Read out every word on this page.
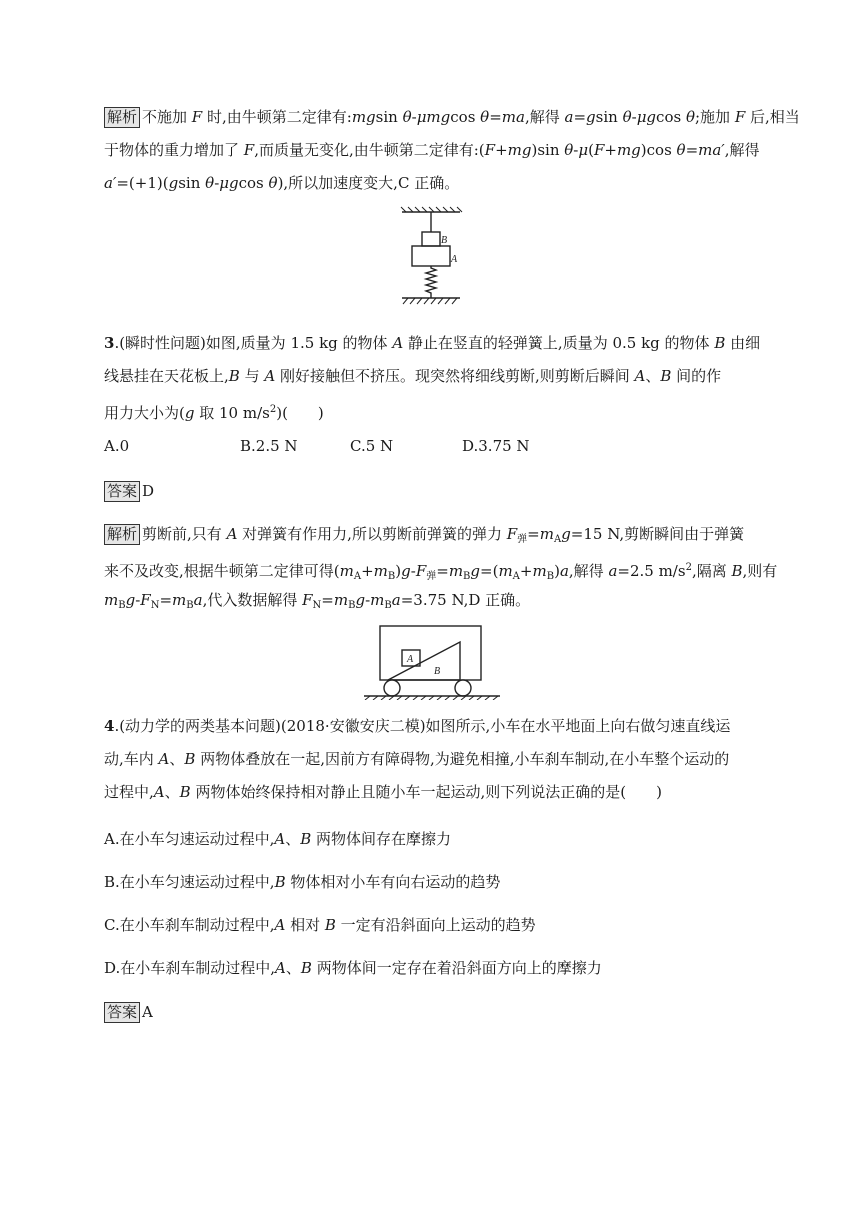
解析 不施加 F 时,由牛顿第二定律有:mgsin θ-μmgcos θ=ma,解得 a=gsin θ-μgcos θ;施加 F 后,相当
于物体的重力增加了 F,而质量无变化,由牛顿第二定律有:(F+mg)sin θ-μ(F+mg)cos θ=ma′,解得
a′=(+1)(gsin θ-μgcos θ),所以加速度变大,C 正确。
B
A
3.(瞬时性问题)如图,质量为 1.5 kg 的物体 A 静止在竖直的轻弹簧上,质量为 0.5 kg 的物体 B 由细
线悬挂在天花板上,B 与 A 刚好接触但不挤压。现突然将细线剪断,则剪断后瞬间 A、B 间的作
用力大小为(g 取 10 $m/s^2$)(　　)
A.0	B.2.5 N	C.5 N	D.3.75 N
答案 D
解析 剪断前,只有 A 对弹簧有作用力,所以剪断前弹簧的弹力 $F_弹=m_Ag=15$ N,剪断瞬间由于弹簧
来不及改变,根据牛顿第二定律可得$(m_A+m_B)g-F_弹=m_Bg=(m_A+m_B)a$,解得 a=2.5 $m/s^2$,隔离 B,则有
$m_Bg-F_N=m_Ba$,代入数据解得 $F_N=m_Bg-m_Ba=3.75$ N,D 正确。
A
B
4.(动力学的两类基本问题)(2018·安徽安庆二模)如图所示,小车在水平地面上向右做匀速直线运
动,车内 A、B 两物体叠放在一起,因前方有障碍物,为避免相撞,小车刹车制动,在小车整个运动的
过程中,A、B 两物体始终保持相对静止且随小车一起运动,则下列说法正确的是(　　)
A.在小车匀速运动过程中,A、B 两物体间存在摩擦力
B.在小车匀速运动过程中,B 物体相对小车有向右运动的趋势
C.在小车刹车制动过程中,A 相对 B 一定有沿斜面向上运动的趋势
D.在小车刹车制动过程中,A、B 两物体间一定存在着沿斜面方向上的摩擦力
答案 A
